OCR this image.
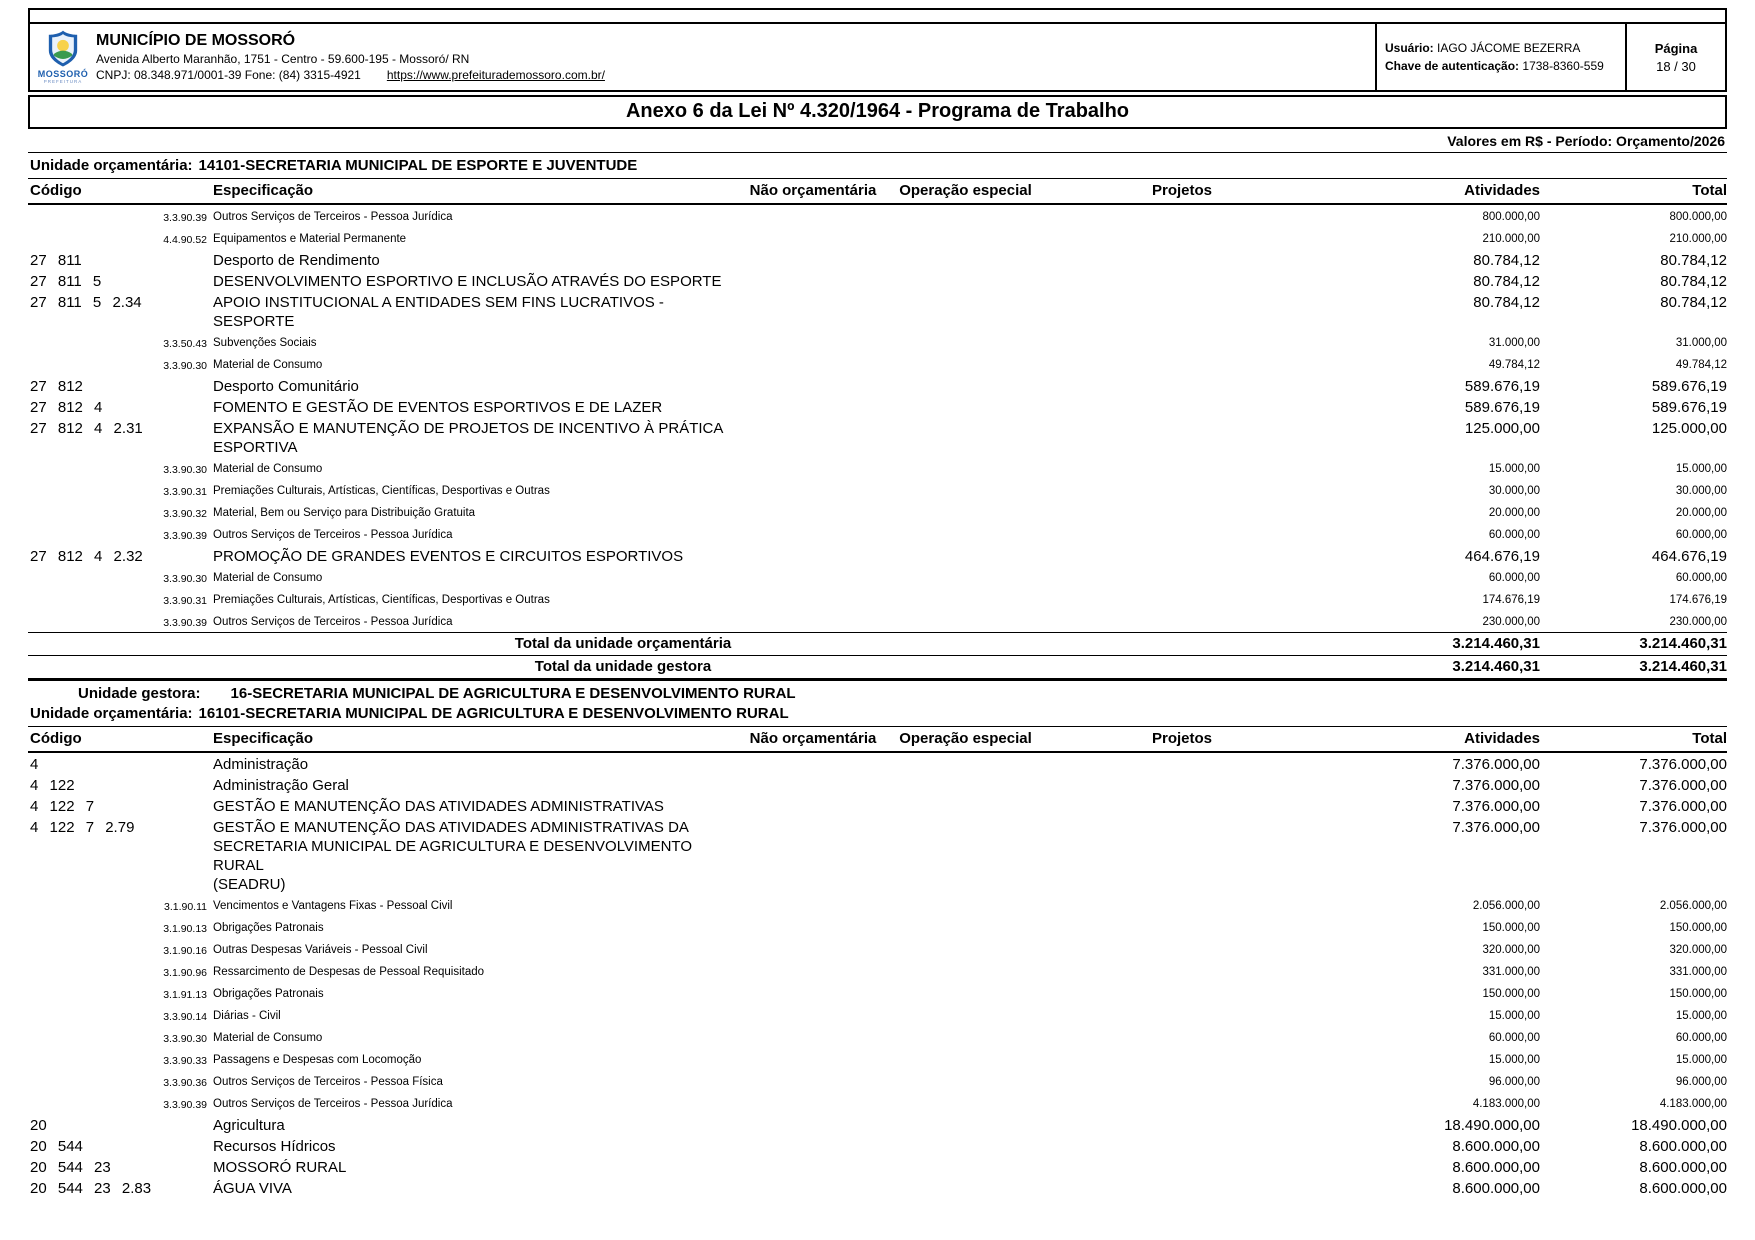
MOSSORÓ
PREFEITURA
MUNICÍPIO DE MOSSORÓ
Avenida Alberto Maranhão, 1751 - Centro - 59.600-195 - Mossoró/ RN
CNPJ: 08.348.971/0001-39 Fone: (84) 3315-4921 https://www.prefeiturademossoro.com.br/
Usuário: IAGO JÁCOME BEZERRA
Chave de autenticação: 1738-8360-559
Página
18 / 30
Anexo 6 da Lei Nº 4.320/1964 - Programa de Trabalho
Valores em R$ - Período: Orçamento/2026
Unidade orçamentária: 14101-SECRETARIA MUNICIPAL DE ESPORTE E JUVENTUDE
Código	Especificação	Não orçamentária	Operação especial	Projetos	Atividades	Total
3.3.90.39 Outros Serviços de Terceiros - Pessoa Jurídica	800.000,00	800.000,00
4.4.90.52 Equipamentos e Material Permanente	210.000,00	210.000,00
27 811	Desporto de Rendimento	80.784,12	80.784,12
27 811 5	DESENVOLVIMENTO ESPORTIVO E INCLUSÃO ATRAVÉS DO ESPORTE	80.784,12	80.784,12
27 811 5 2.34	APOIO INSTITUCIONAL A ENTIDADES SEM FINS LUCRATIVOS - SESPORTE
80.784,12	80.784,12
3.3.50.43 Subvenções Sociais	31.000,00	31.000,00
3.3.90.30 Material de Consumo	49.784,12	49.784,12
27 812	Desporto Comunitário	589.676,19	589.676,19
27 812 4	FOMENTO E GESTÃO DE EVENTOS ESPORTIVOS E DE LAZER	589.676,19	589.676,19
27 812 4 2.31	EXPANSÃO E MANUTENÇÃO DE PROJETOS DE INCENTIVO À PRÁTICA
ESPORTIVA
125.000,00	125.000,00
3.3.90.30 Material de Consumo	15.000,00	15.000,00
3.3.90.31 Premiações Culturais, Artísticas, Científicas, Desportivas e Outras	30.000,00	30.000,00
3.3.90.32 Material, Bem ou Serviço para Distribuição Gratuita	20.000,00	20.000,00
3.3.90.39 Outros Serviços de Terceiros - Pessoa Jurídica	60.000,00	60.000,00
27 812 4 2.32	PROMOÇÃO DE GRANDES EVENTOS E CIRCUITOS ESPORTIVOS	464.676,19	464.676,19
3.3.90.30 Material de Consumo	60.000,00	60.000,00
3.3.90.31 Premiações Culturais, Artísticas, Científicas, Desportivas e Outras	174.676,19	174.676,19
3.3.90.39 Outros Serviços de Terceiros - Pessoa Jurídica	230.000,00	230.000,00
Total da unidade orçamentária	3.214.460,31	3.214.460,31
Total da unidade gestora	3.214.460,31	3.214.460,31
Unidade gestora: 16-SECRETARIA MUNICIPAL DE AGRICULTURA E DESENVOLVIMENTO RURAL
Unidade orçamentária: 16101-SECRETARIA MUNICIPAL DE AGRICULTURA E DESENVOLVIMENTO RURAL
Código	Especificação	Não orçamentária	Operação especial	Projetos	Atividades	Total
4	Administração	7.376.000,00	7.376.000,00
4 122	Administração Geral	7.376.000,00	7.376.000,00
4 122 7	GESTÃO E MANUTENÇÃO DAS ATIVIDADES ADMINISTRATIVAS	7.376.000,00	7.376.000,00
4 122 7 2.79	GESTÃO E MANUTENÇÃO DAS ATIVIDADES ADMINISTRATIVAS DA
SECRETARIA MUNICIPAL DE AGRICULTURA E DESENVOLVIMENTO RURAL
(SEADRU)
7.376.000,00	7.376.000,00
3.1.90.11 Vencimentos e Vantagens Fixas - Pessoal Civil	2.056.000,00	2.056.000,00
3.1.90.13 Obrigações Patronais	150.000,00	150.000,00
3.1.90.16 Outras Despesas Variáveis - Pessoal Civil	320.000,00	320.000,00
3.1.90.96 Ressarcimento de Despesas de Pessoal Requisitado	331.000,00	331.000,00
3.1.91.13 Obrigações Patronais	150.000,00	150.000,00
3.3.90.14 Diárias - Civil	15.000,00	15.000,00
3.3.90.30 Material de Consumo	60.000,00	60.000,00
3.3.90.33 Passagens e Despesas com Locomoção	15.000,00	15.000,00
3.3.90.36 Outros Serviços de Terceiros - Pessoa Física	96.000,00	96.000,00
3.3.90.39 Outros Serviços de Terceiros - Pessoa Jurídica	4.183.000,00	4.183.000,00
20	Agricultura	18.490.000,00	18.490.000,00
20 544	Recursos Hídricos	8.600.000,00	8.600.000,00
20 544 23	MOSSORÓ RURAL	8.600.000,00	8.600.000,00
20 544 23 2.83	ÁGUA VIVA	8.600.000,00	8.600.000,00
